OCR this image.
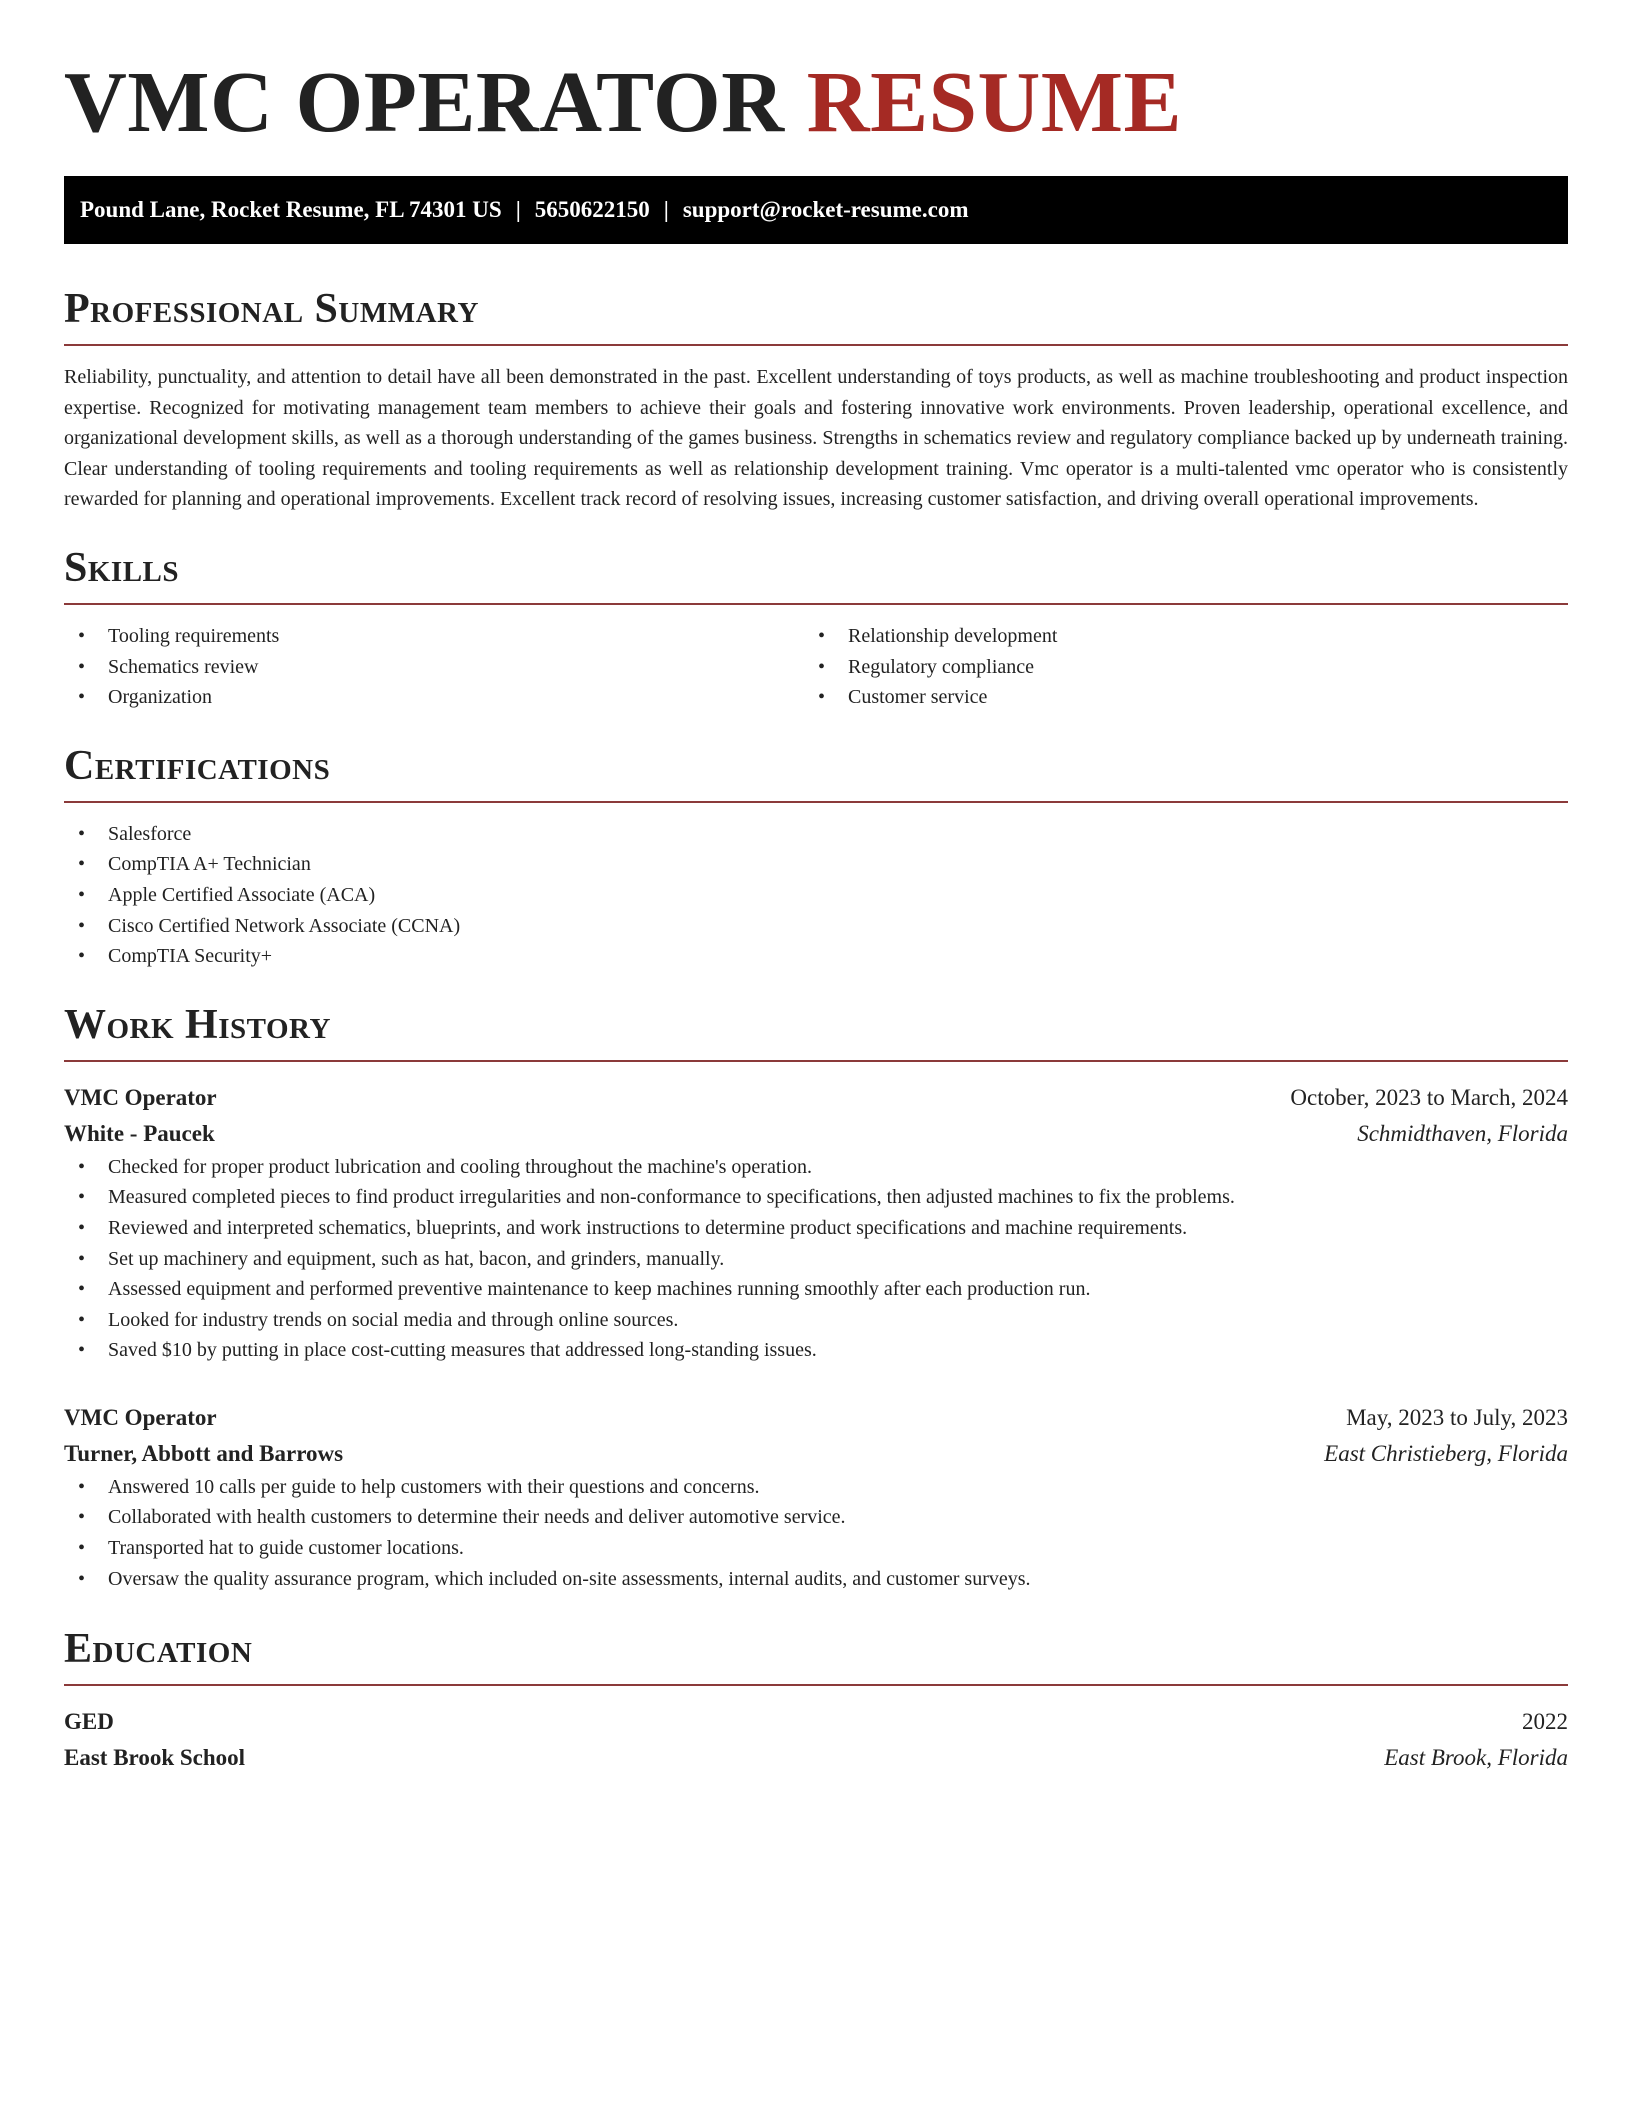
VMC OPERATOR RESUME
Pound Lane, Rocket Resume, FL 74301 US | 5650622150 | support@rocket-resume.com
Professional Summary

Reliability, punctuality, and attention to detail have all been demonstrated in the past. Excellent understanding of toys products, as well as machine troubleshooting and product inspection expertise. Recognized for motivating management team members to achieve their goals and fostering innovative work environments. Proven leadership, operational excellence, and organizational development skills, as well as a thorough understanding of the games business. Strengths in schematics review and regulatory compliance backed up by underneath training. Clear understanding of tooling requirements and tooling requirements as well as relationship development training. Vmc operator is a multi-talented vmc operator who is consistently rewarded for planning and operational improvements. Excellent track record of resolving issues, increasing customer satisfaction, and driving overall operational improvements.

Skills
• Tooling requirements
• Schematics review
• Organization
• Relationship development
• Regulatory compliance
• Customer service
Certifications
• Salesforce
• CompTIA A+ Technician
• Apple Certified Associate (ACA)
• Cisco Certified Network Associate (CCNA)
• CompTIA Security+
Work History
VMC Operator	October, 2023 to March, 2024
White - Paucek	Schmidthaven, Florida
• Checked for proper product lubrication and cooling throughout the machine's operation.
• Measured completed pieces to find product irregularities and non-conformance to specifications, then adjusted machines to fix the problems.
• Reviewed and interpreted schematics, blueprints, and work instructions to determine product specifications and machine requirements.
• Set up machinery and equipment, such as hat, bacon, and grinders, manually.
• Assessed equipment and performed preventive maintenance to keep machines running smoothly after each production run.
• Looked for industry trends on social media and through online sources.
• Saved $10 by putting in place cost-cutting measures that addressed long-standing issues.
VMC Operator	May, 2023 to July, 2023
Turner, Abbott and Barrows	East Christieberg, Florida
• Answered 10 calls per guide to help customers with their questions and concerns.
• Collaborated with health customers to determine their needs and deliver automotive service.
• Transported hat to guide customer locations.
• Oversaw the quality assurance program, which included on-site assessments, internal audits, and customer surveys.
Education
GED	2022
East Brook School	East Brook, Florida
